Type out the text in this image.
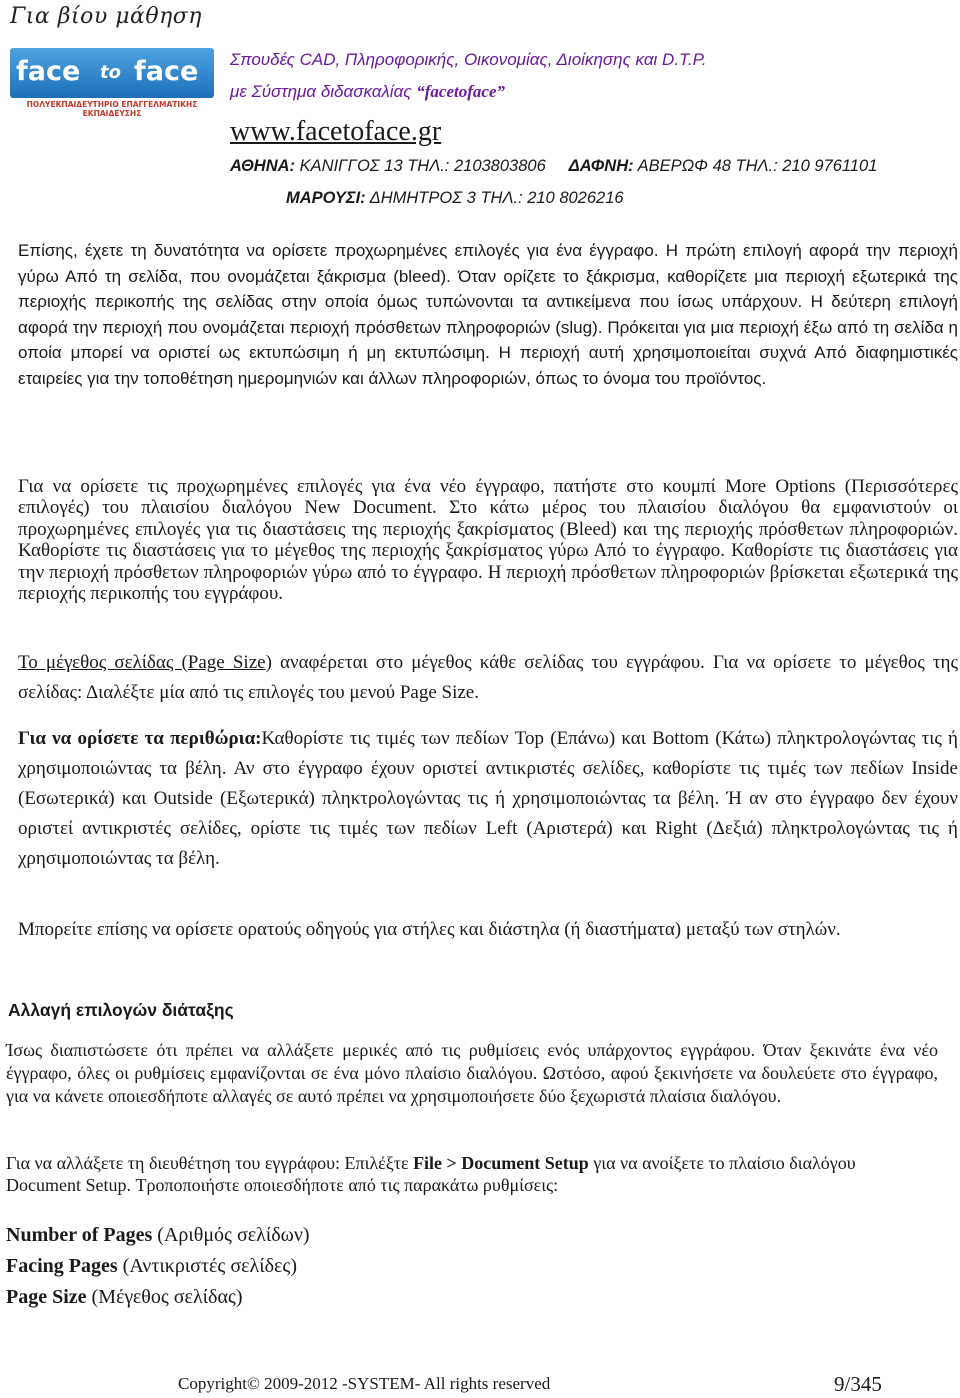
Για βίου μάθηση
face to face
ΠΟΛΥΕΚΠΑΙΔΕΥΤΗΡΙΟ ΕΠΑΓΓΕΛΜΑΤΙΚΗΣ ΕΚΠΑΙΔΕΥΣΗΣ
Σπουδές CAD, Πληροφορικής, Οικονομίας, Διοίκησης και D.T.P.
με Σύστημα διδασκαλίας “facetoface”
www.facetoface.gr
ΑΘΗΝΑ: ΚΑΝΙΓΓΟΣ 13 ΤΗΛ.: 2103803806 ΔΑΦΝΗ: ΑΒΕΡΩΦ 48 ΤΗΛ.: 210 9761101
ΜΑΡΟΥΣΙ: ΔΗΜΗΤΡΟΣ 3 ΤΗΛ.: 210 8026216

Επίσης, έχετε τη δυνατότητα να ορίσετε προχωρημένες επιλογές για ένα έγγραφο. Η πρώτη επιλογή αφορά την περιοχή γύρω Από τη σελίδα, που ονομάζεται ξάκρισμα (bleed). Όταν ορίζετε το ξάκρισμα, καθορίζετε μια περιοχή εξωτερικά της περιοχής περικοπής της σελίδας στην οποία όμως τυπώνονται τα αντικείμενα που ίσως υπάρχουν. Η δεύτερη επιλογή αφορά την περιοχή που ονομάζεται περιοχή πρόσθετων πληροφοριών (slug). Πρόκειται για μια περιοχή έξω από τη σελίδα η οποία μπορεί να οριστεί ως εκτυπώσιμη ή μη εκτυπώσιμη. Η περιοχή αυτή χρησιμοποιείται συχνά Από διαφημιστικές εταιρείες για την τοποθέτηση ημερομηνιών και άλλων πληροφοριών, όπως το όνομα του προϊόντος.

Για να ορίσετε τις προχωρημένες επιλογές για ένα νέο έγγραφο, πατήστε στο κουμπί More Options (Περισσότερες επιλογές) του πλαισίου διαλόγου New Document. Στο κάτω μέρος του πλαισίου διαλόγου θα εμφανιστούν οι προχωρημένες επιλογές για τις διαστάσεις της περιοχής ξακρίσματος (Bleed) και της περιοχής πρόσθετων πληροφοριών. Καθορίστε τις διαστάσεις για το μέγεθος της περιοχής ξακρίσματος γύρω Από το έγγραφο. Καθορίστε τις διαστάσεις για την περιοχή πρόσθετων πληροφοριών γύρω από το έγγραφο. Η περιοχή πρόσθετων πληροφοριών βρίσκεται εξωτερικά της περιοχής περικοπής του εγγράφου.

Το μέγεθος σελίδας (Page Size) αναφέρεται στο μέγεθος κάθε σελίδας του εγγράφου. Για να ορίσετε το μέγεθος της σελίδας: Διαλέξτε μία από τις επιλογές του μενού Page Size.

Για να ορίσετε τα περιθώρια:Καθορίστε τις τιμές των πεδίων Top (Επάνω) και Bottom (Κάτω) πληκτρολογώντας τις ή χρησιμοποιώντας τα βέλη. Αν στο έγγραφο έχουν οριστεί αντικριστές σελίδες, καθορίστε τις τιμές των πεδίων Inside (Εσωτερικά) και Outside (Εξωτερικά) πληκτρολογώντας τις ή χρησιμοποιώντας τα βέλη. Ή αν στο έγγραφο δεν έχουν οριστεί αντικριστές σελίδες, ορίστε τις τιμές των πεδίων Left (Αριστερά) και Right (Δεξιά) πληκτρολογώντας τις ή χρησιμοποιώντας τα βέλη.

Μπορείτε επίσης να ορίσετε ορατούς οδηγούς για στήλες και διάστηλα (ή διαστήματα) μεταξύ των στηλών.

Αλλαγή επιλογών διάταξης

Ίσως διαπιστώσετε ότι πρέπει να αλλάξετε μερικές από τις ρυθμίσεις ενός υπάρχοντος εγγράφου. Όταν ξεκινάτε ένα νέο έγγραφο, όλες οι ρυθμίσεις εμφανίζονται σε ένα μόνο πλαίσιο διαλόγου. Ωστόσο, αφού ξεκινήσετε να δουλεύετε στο έγγραφο, για να κάνετε οποιεσδήποτε αλλαγές σε αυτό πρέπει να χρησιμοποιήσετε δύο ξεχωριστά πλαίσια διαλόγου.

Για να αλλάξετε τη διευθέτηση του εγγράφου: Επιλέξτε File > Document Setup για να ανοίξετε το πλαίσιο διαλόγου Document Setup. Τροποποιήστε οποιεσδήποτε από τις παρακάτω ρυθμίσεις:

Number of Pages (Αριθμός σελίδων)
Facing Pages (Αντικριστές σελίδες)
Page Size (Μέγεθος σελίδας)
Copyright© 2009-2012 -SYSTEM- All rights reserved	9/345
